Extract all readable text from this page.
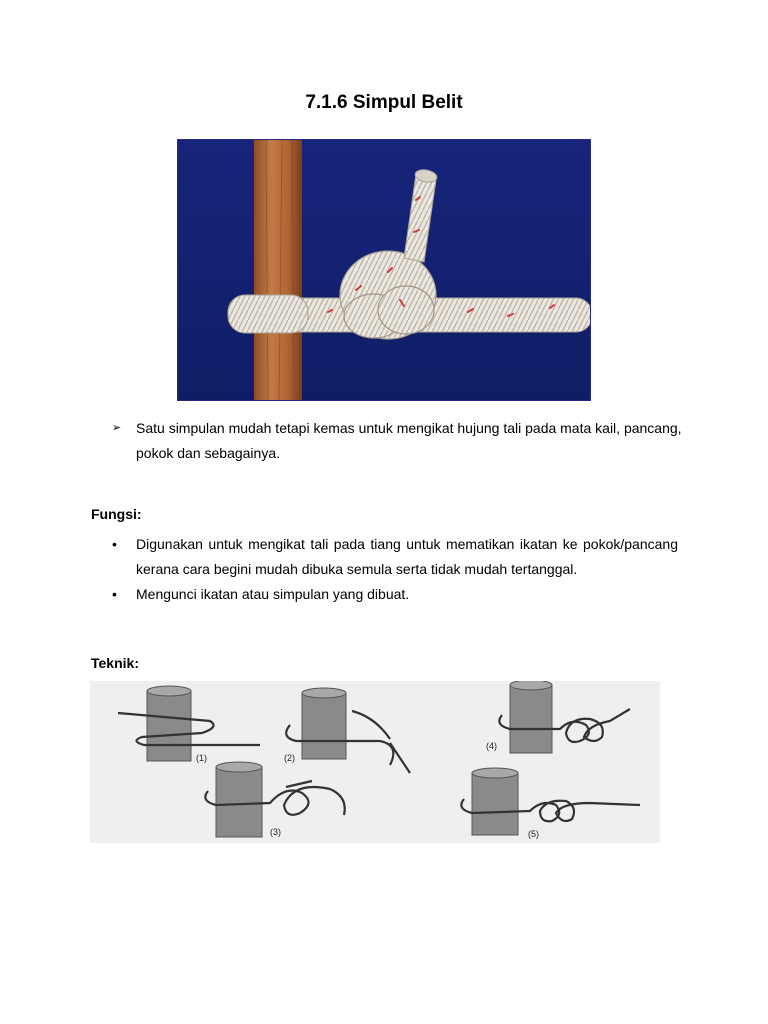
7.1.6 Simpul Belit
➢ Satu simpulan mudah tetapi kemas untuk mengikat hujung tali pada mata kail, pancang, pokok dan sebagainya.
Fungsi:
• Digunakan untuk mengikat tali pada tiang untuk mematikan ikatan ke pokok/pancang kerana cara begini mudah dibuka semula serta tidak mudah tertanggal.
• Mengunci ikatan atau simpulan yang dibuat.
Teknik:
(1)	(2)
(4)
(3)	(5)
